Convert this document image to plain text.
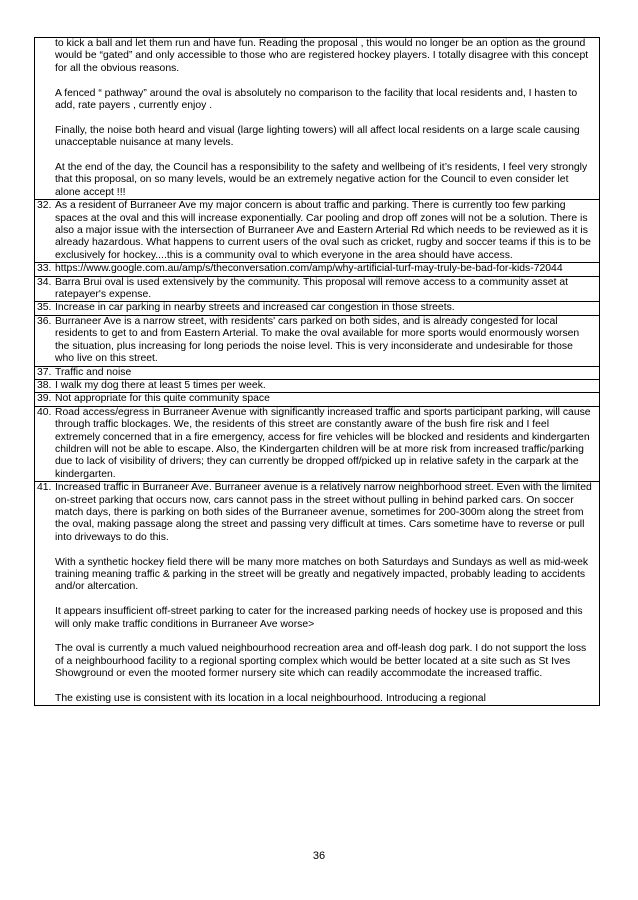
to kick a ball and let them run and have fun. Reading the proposal , this would no longer be an option as the ground would be “gated” and only accessible to those who are registered hockey players. I totally disagree with this concept for all the obvious reasons.

A fenced “ pathway” around the oval is absolutely no comparison to the facility that local residents and, I hasten to add, rate payers , currently enjoy .

Finally, the noise both heard and visual (large lighting towers) will all affect local residents on a large scale causing unacceptable nuisance at many levels.

At the end of the day, the Council has a responsibility to the safety and wellbeing of it’s residents, I feel very strongly that this proposal, on so many levels, would be an extremely negative action for the Council to even consider let alone accept !!!

32. As a resident of Burraneer Ave my major concern is about traffic and parking. There is currently too few parking spaces at the oval and this will increase exponentially. Car pooling and drop off zones will not be a solution. There is also a major issue with the intersection of Burraneer Ave and Eastern Arterial Rd which needs to be reviewed as it is already hazardous. What happens to current users of the oval such as cricket, rugby and soccer teams if this is to be exclusively for hockey....this is a community oval to which everyone in the area should have access.

33. https://www.google.com.au/amp/s/theconversation.com/amp/why-artificial-turf-may-truly-be-bad-for-kids-72044

34. Barra Brui oval is used extensively by the community. This proposal will remove access to a community asset at ratepayer's expense.

35. Increase in car parking in nearby streets and increased car congestion in those streets.

36. Burraneer Ave is a narrow street, with residents' cars parked on both sides, and is already congested for local residents to get to and from Eastern Arterial. To make the oval available for more sports would enormously worsen the situation, plus increasing for long periods the noise level. This is very inconsiderate and undesirable for those who live on this street.

37. Traffic and noise

38. I walk my dog there at least 5 times per week.

39. Not appropriate for this quite community space

40. Road access/egress in Burraneer Avenue with significantly increased traffic and sports participant parking, will cause through traffic blockages. We, the residents of this street are constantly aware of the bush fire risk and I feel extremely concerned that in a fire emergency, access for fire vehicles will be blocked and residents and kindergarten children will not be able to escape. Also, the Kindergarten children will be at more risk from increased traffic/parking due to lack of visibility of drivers; they can currently be dropped off/picked up in relative safety in the carpark at the kindergarten.

41. Increased traffic in Burraneer Ave. Burraneer avenue is a relatively narrow neighborhood street. Even with the limited on-street parking that occurs now, cars cannot pass in the street without pulling in behind parked cars. On soccer match days, there is parking on both sides of the Burraneer avenue, sometimes for 200-300m along the street from the oval, making passage along the street and passing very difficult at times. Cars sometime have to reverse or pull into driveways to do this.

With a synthetic hockey field there will be many more matches on both Saturdays and Sundays as well as mid-week training meaning traffic & parking in the street will be greatly and negatively impacted, probably leading to accidents and/or altercation.

It appears insufficient off-street parking to cater for the increased parking needs of hockey use is proposed and this will only make traffic conditions in Burraneer Ave worse>

The oval is currently a much valued neighbourhood recreation area and off-leash dog park. I do not support the loss of a neighbourhood facility to a regional sporting complex which would be better located at a site such as St Ives Showground or even the mooted former nursery site which can readily accommodate the increased traffic.

The existing use is consistent with its location in a local neighbourhood. Introducing a regional

36
